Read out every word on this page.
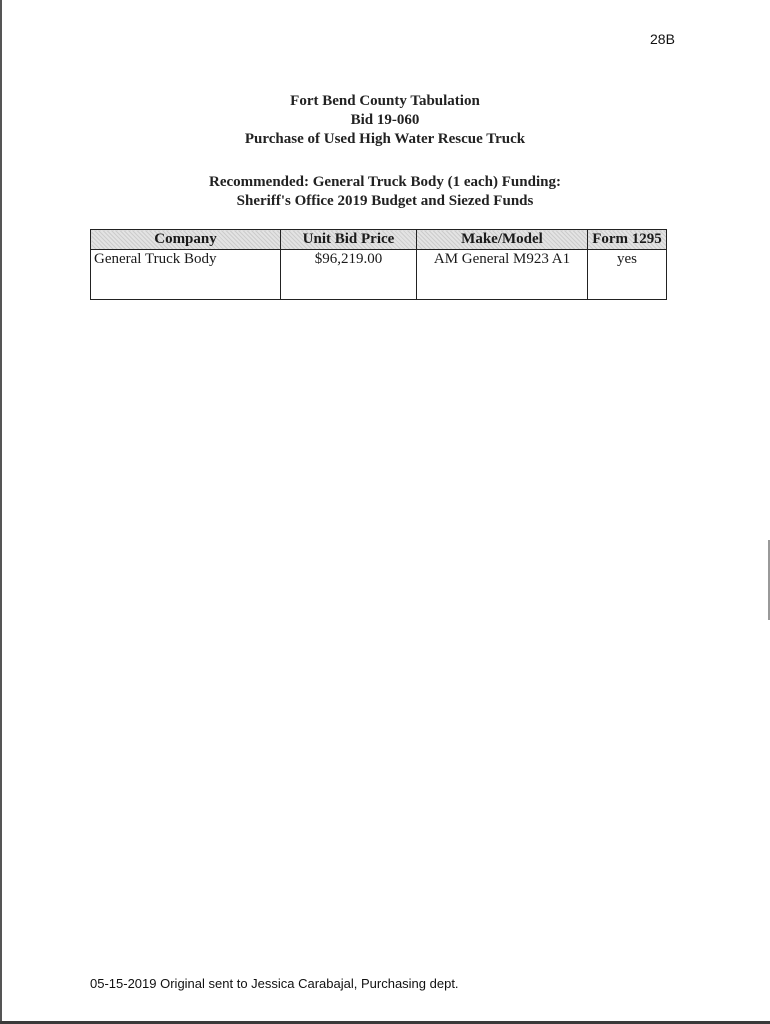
28B
Fort Bend County Tabulation
Bid 19-060
Purchase of Used High Water Rescue Truck
Recommended: General Truck Body (1 each) Funding:
Sheriff's Office 2019 Budget and Siezed Funds
Company	Unit Bid Price	Make/Model	Form 1295
General Truck Body	$96,219.00	AM General M923 A1	yes
05-15-2019 Original sent to Jessica Carabajal, Purchasing dept.
